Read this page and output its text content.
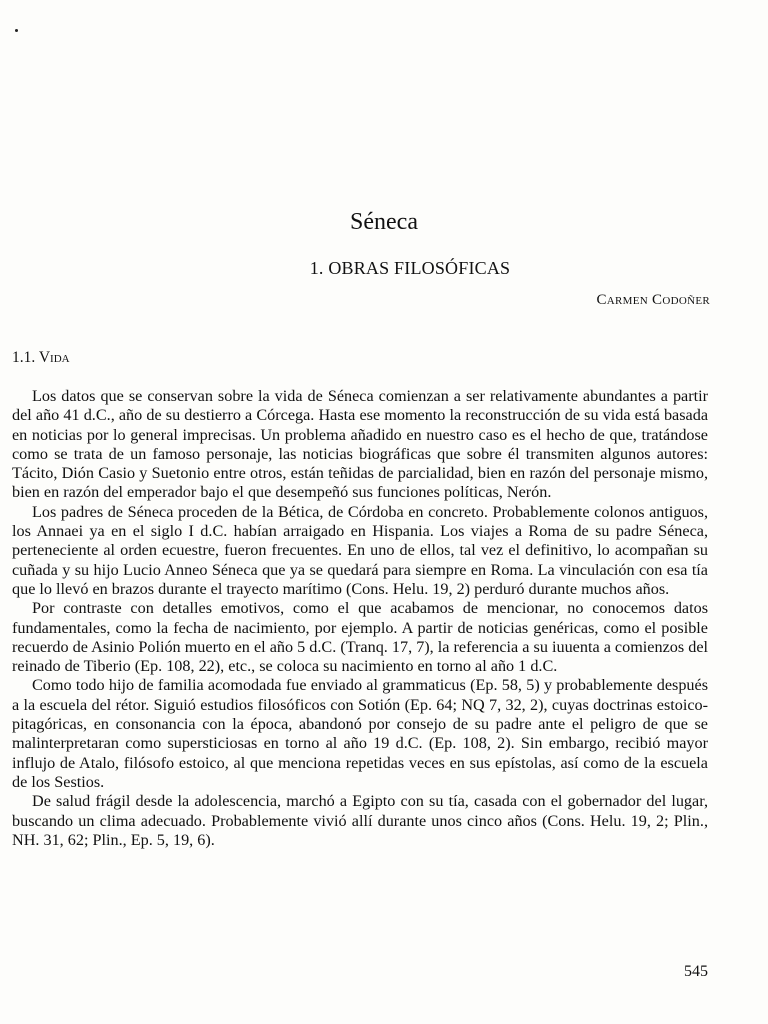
Séneca
1. OBRAS FILOSÓFICAS
Carmen Codoñer
1.1. Vida

Los datos que se conservan sobre la vida de Séneca comienzan a ser relativamente abundantes a partir del año 41 d.C., año de su destierro a Córcega. Hasta ese momento la reconstrucción de su vida está basada en noticias por lo general imprecisas. Un problema añadido en nuestro caso es el hecho de que, tratándose como se trata de un famoso personaje, las noticias biográficas que sobre él transmiten algunos autores: Tácito, Dión Casio y Suetonio entre otros, están teñidas de parcialidad, bien en razón del personaje mismo, bien en razón del emperador bajo el que desempeñó sus funciones políticas, Nerón.

Los padres de Séneca proceden de la Bética, de Córdoba en concreto. Probablemente colonos antiguos, los Annaei ya en el siglo I d.C. habían arraigado en Hispania. Los viajes a Roma de su padre Séneca, perteneciente al orden ecuestre, fueron frecuentes. En uno de ellos, tal vez el definitivo, lo acompañan su cuñada y su hijo Lucio Anneo Séneca que ya se quedará para siempre en Roma. La vinculación con esa tía que lo llevó en brazos durante el trayecto marítimo (Cons. Helu. 19, 2) perduró durante muchos años.

Por contraste con detalles emotivos, como el que acabamos de mencionar, no conocemos datos fundamentales, como la fecha de nacimiento, por ejemplo. A partir de noticias genéricas, como el posible recuerdo de Asinio Polión muerto en el año 5 d.C. (Tranq. 17, 7), la referencia a su iuuenta a comienzos del reinado de Tiberio (Ep. 108, 22), etc., se coloca su nacimiento en torno al año 1 d.C.

Como todo hijo de familia acomodada fue enviado al grammaticus (Ep. 58, 5) y probablemente después a la escuela del rétor. Siguió estudios filosóficos con Sotión (Ep. 64; NQ 7, 32, 2), cuyas doctrinas estoico-pitagóricas, en consonancia con la época, abandonó por consejo de su padre ante el peligro de que se malinterpretaran como supersticiosas en torno al año 19 d.C. (Ep. 108, 2). Sin embargo, recibió mayor influjo de Atalo, filósofo estoico, al que menciona repetidas veces en sus epístolas, así como de la escuela de los Sestios.

De salud frágil desde la adolescencia, marchó a Egipto con su tía, casada con el gobernador del lugar, buscando un clima adecuado. Probablemente vivió allí durante unos cinco años (Cons. Helu. 19, 2; Plin., NH. 31, 62; Plin., Ep. 5, 19, 6).

545
